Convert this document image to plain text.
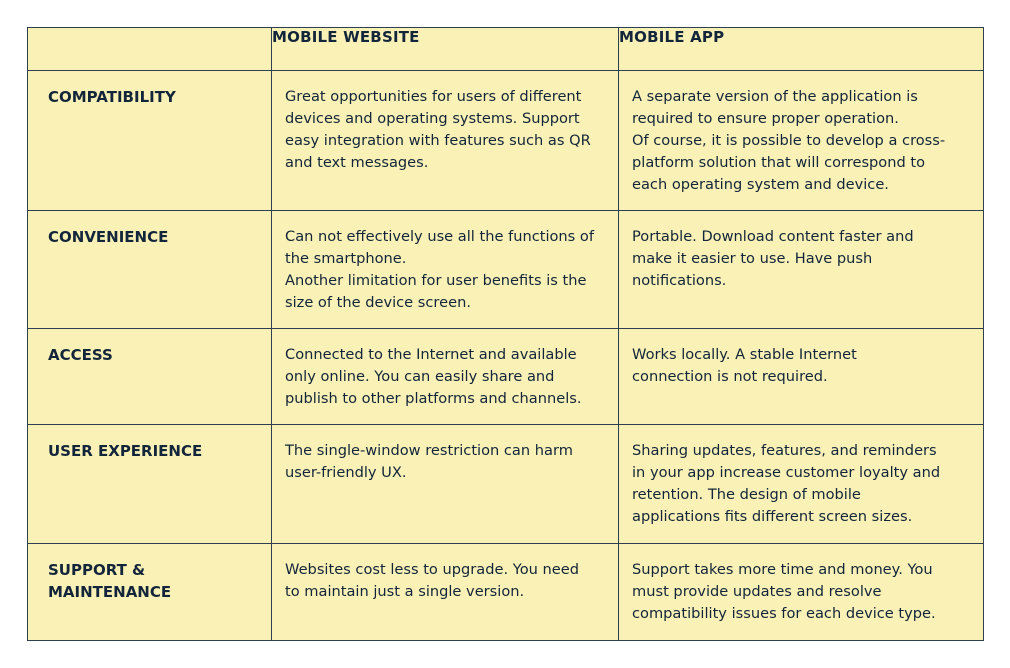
	MOBILE WEBSITE	MOBILE APP
COMPATIBILITY	Great opportunities for users of different
devices and operating systems. Support
easy integration with features such as QR
and text messages.	A separate version of the application is
required to ensure proper operation.
Of course, it is possible to develop a cross-
platform solution that will correspond to
each operating system and device.

CONVENIENCE	Can not effectively use all the functions of
the smartphone.
Another limitation for user benefits is the
size of the device screen.	Portable. Download content faster and
make it easier to use. Have push
notifications.

ACCESS	Connected to the Internet and available
only online. You can easily share and
publish to other platforms and channels.	Works locally. A stable Internet
connection is not required.

USER EXPERIENCE	The single-window restriction can harm
user-friendly UX.	Sharing updates, features, and reminders
in your app increase customer loyalty and
retention. The design of mobile
applications fits different screen sizes.

SUPPORT &
MAINTENANCE	Websites cost less to upgrade. You need
to maintain just a single version.	Support takes more time and money. You
must provide updates and resolve
compatibility issues for each device type.
